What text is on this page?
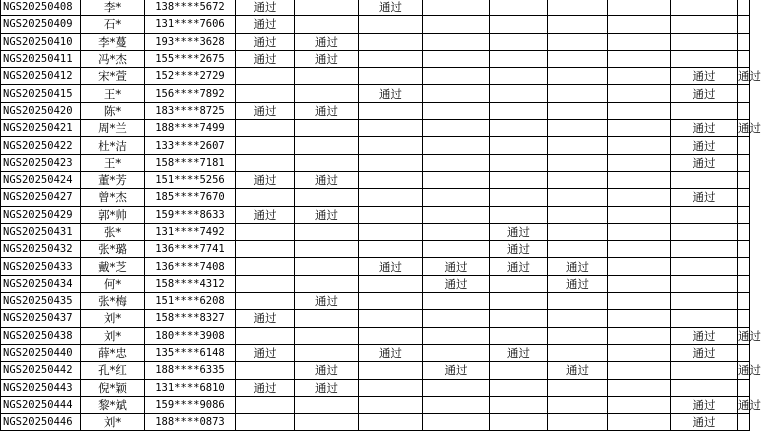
NGS20250408	李*	138****5672	通过		通过						
NGS20250409	石*	131****7606	通过								
NGS20250410	李*蔓	193****3628	通过	通过							
NGS20250411	冯*杰	155****2675	通过	通过							
NGS20250412	宋*萱	152****2729								通过	通过
NGS20250415	王*	156****7892			通过					通过	
NGS20250420	陈*	183****8725	通过	通过							
NGS20250421	周*兰	188****7499								通过	通过
NGS20250422	杜*洁	133****2607								通过	
NGS20250423	王*	158****7181								通过	
NGS20250424	董*芳	151****5256	通过	通过							
NGS20250427	曾*杰	185****7670								通过	
NGS20250429	郭*帅	159****8633	通过	通过							
NGS20250431	张*	131****7492					通过				
NGS20250432	张*璐	136****7741					通过				
NGS20250433	戴*芝	136****7408			通过	通过	通过	通过			
NGS20250434	何*	158****4312				通过		通过			
NGS20250435	张*梅	151****6208		通过							
NGS20250437	刘*	158****8327	通过								
NGS20250438	刘*	180****3908								通过	通过
NGS20250440	薛*忠	135****6148	通过		通过		通过			通过	
NGS20250442	孔*红	188****6335		通过		通过		通过			通过
NGS20250443	倪*颖	131****6810	通过	通过							
NGS20250444	黎*斌	159****9086								通过	通过
NGS20250446	刘*	188****0873								通过	
